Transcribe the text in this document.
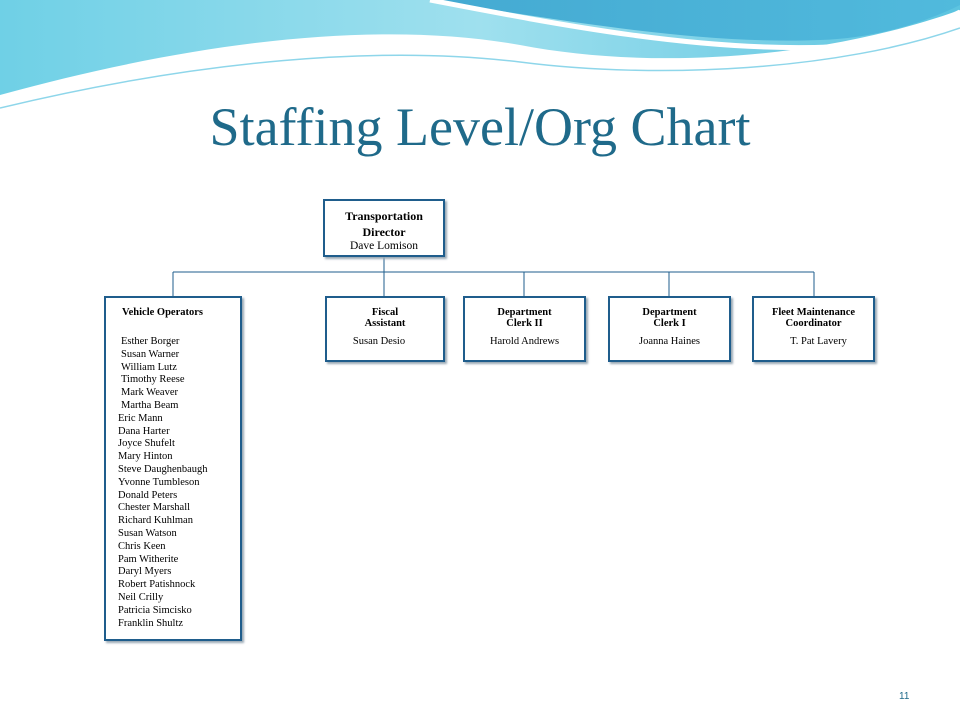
Staffing Level/Org Chart
Transportation
Director
Dave Lomison
Vehicle Operators
Esther Borger
Susan Warner
William Lutz
Timothy Reese
Mark Weaver
Martha Beam
Eric Mann
Dana Harter
Joyce Shufelt
Mary Hinton
Steve Daughenbaugh
Yvonne Tumbleson
Donald Peters
Chester Marshall
Richard Kuhlman
Susan Watson
Chris Keen
Pam Witherite
Daryl Myers
Robert Patishnock
Neil Crilly
Patricia Simcisko
Franklin Shultz
Fiscal
Assistant
Susan Desio
Department
Clerk II
Harold Andrews
Department
Clerk I
Joanna Haines
Fleet Maintenance
Coordinator
T. Pat Lavery
11
